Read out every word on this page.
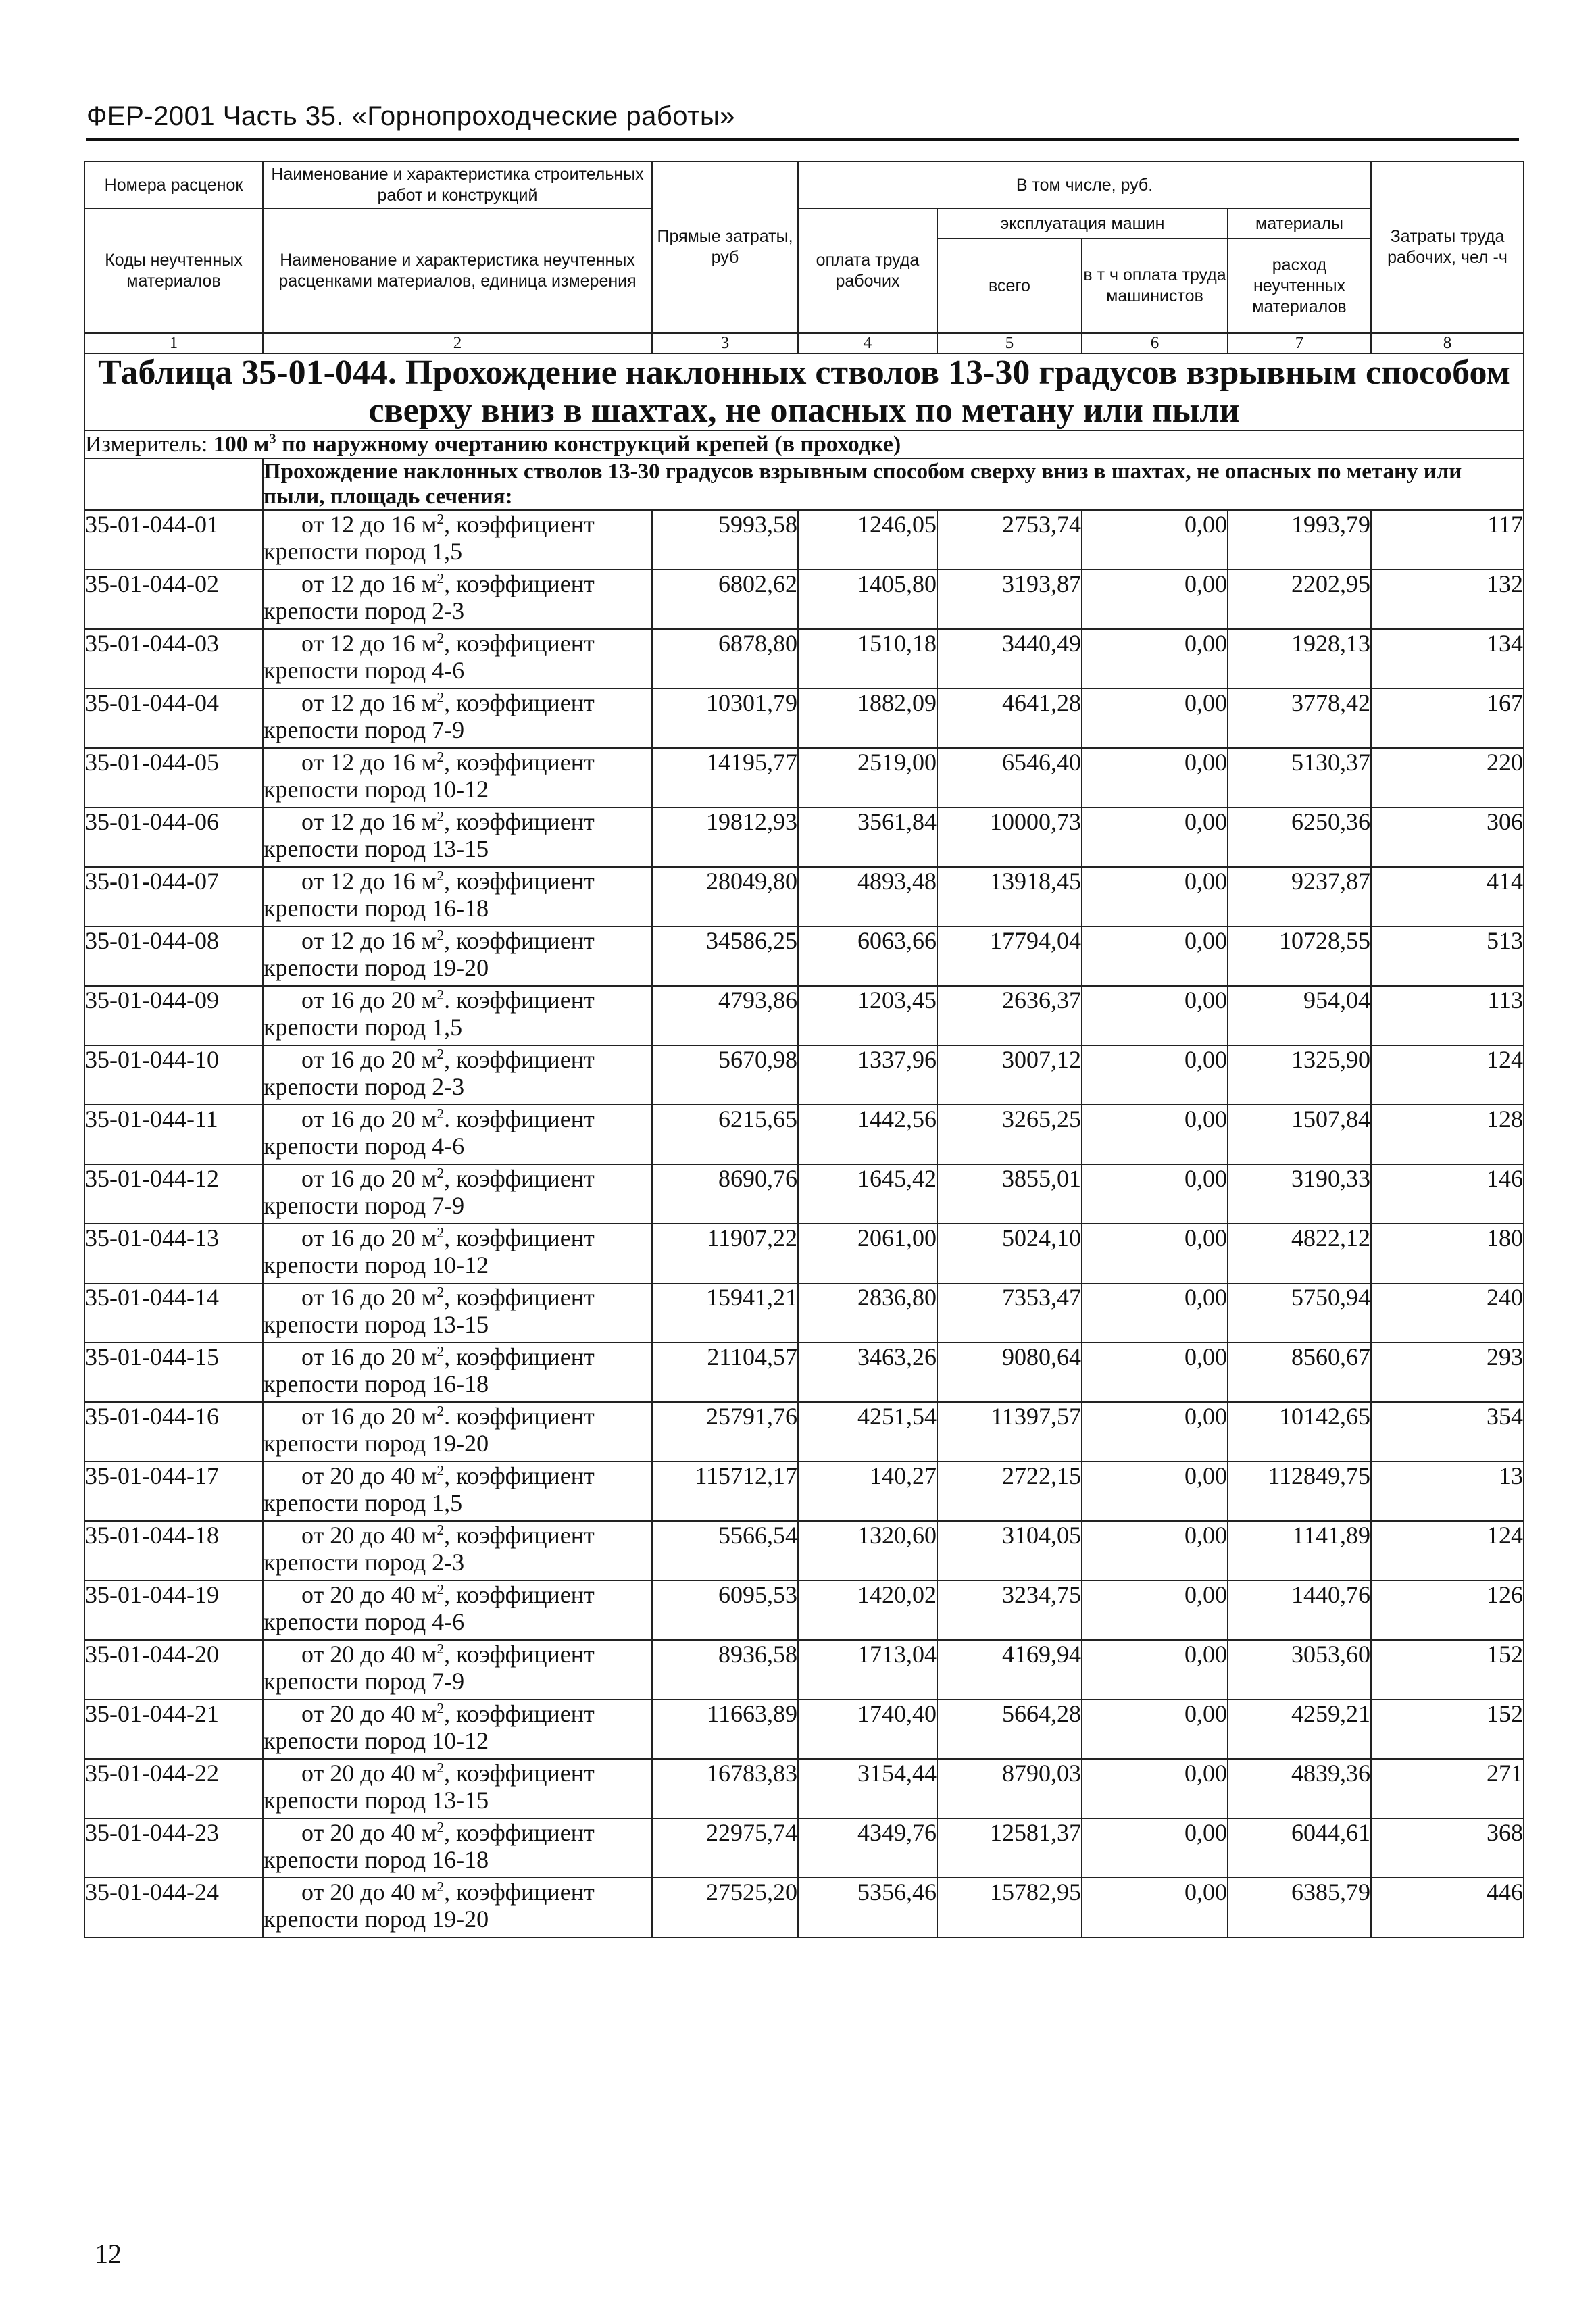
ФЕР-2001 Часть 35. «Горнопроходческие работы»
Номера расценок	Наименование и характеристика строительных работ и конструкций	Прямые затраты, руб	В том числе, руб.				Затраты труда рабочих, чел -ч
Коды неучтенных материалов	Наименование и характеристика неучтенных расценками материалов, единица измерения		оплата труда рабочих	эксплуатация машин		материалы	
				всего	в т ч оплата труда машинистов	расход неучтенных материалов	
1	2	3	4	5	6	7	8
Таблица 35-01-044. Прохождение наклонных стволов 13-30 градусов взрывным способом сверху вниз в шахтах, не опасных по метану или пыли							
Измеритель: 100 $м^3$ по наружному очертанию конструкций крепей (в проходке)							
	Прохождение наклонных стволов 13-30 градусов взрывным способом сверху вниз в шахтах, не опасных по метану или пыли, площадь сечения:						
35-01-044-01	от 12 до 16 $м^2$, коэффициент
крепости пород 1,5	5993,58	1246,05	2753,74	0,00	1993,79	117
35-01-044-02	от 12 до 16 $м^2$, коэффициент
крепости пород 2-3	6802,62	1405,80	3193,87	0,00	2202,95	132
35-01-044-03	от 12 до 16 $м^2$, коэффициент
крепости пород 4-6	6878,80	1510,18	3440,49	0,00	1928,13	134
35-01-044-04	от 12 до 16 $м^2$, коэффициент
крепости пород 7-9	10301,79	1882,09	4641,28	0,00	3778,42	167
35-01-044-05	от 12 до 16 $м^2$, коэффициент
крепости пород 10-12	14195,77	2519,00	6546,40	0,00	5130,37	220
35-01-044-06	от 12 до 16 $м^2$, коэффициент
крепости пород 13-15	19812,93	3561,84	10000,73	0,00	6250,36	306
35-01-044-07	от 12 до 16 $м^2$, коэффициент
крепости пород 16-18	28049,80	4893,48	13918,45	0,00	9237,87	414
35-01-044-08	от 12 до 16 $м^2$, коэффициент
крепости пород 19-20	34586,25	6063,66	17794,04	0,00	10728,55	513
35-01-044-09	от 16 до 20 $м^2$. коэффициент
крепости пород 1,5	4793,86	1203,45	2636,37	0,00	954,04	113
35-01-044-10	от 16 до 20 $м^2$, коэффициент
крепости пород 2-3	5670,98	1337,96	3007,12	0,00	1325,90	124
35-01-044-11	от 16 до 20 $м^2$. коэффициент
крепости пород 4-6	6215,65	1442,56	3265,25	0,00	1507,84	128
35-01-044-12	от 16 до 20 $м^2$, коэффициент
крепости пород 7-9	8690,76	1645,42	3855,01	0,00	3190,33	146
35-01-044-13	от 16 до 20 $м^2$, коэффициент
крепости пород 10-12	11907,22	2061,00	5024,10	0,00	4822,12	180
35-01-044-14	от 16 до 20 $м^2$, коэффициент
крепости пород 13-15	15941,21	2836,80	7353,47	0,00	5750,94	240
35-01-044-15	от 16 до 20 $м^2$, коэффициент
крепости пород 16-18	21104,57	3463,26	9080,64	0,00	8560,67	293
35-01-044-16	от 16 до 20 $м^2$. коэффициент
крепости пород 19-20	25791,76	4251,54	11397,57	0,00	10142,65	354
35-01-044-17	от 20 до 40 $м^2$, коэффициент
крепости пород 1,5	115712,17	140,27	2722,15	0,00	112849,75	13
35-01-044-18	от 20 до 40 $м^2$, коэффициент
крепости пород 2-3	5566,54	1320,60	3104,05	0,00	1141,89	124
35-01-044-19	от 20 до 40 $м^2$, коэффициент
крепости пород 4-6	6095,53	1420,02	3234,75	0,00	1440,76	126
35-01-044-20	от 20 до 40 $м^2$, коэффициент
крепости пород 7-9	8936,58	1713,04	4169,94	0,00	3053,60	152
35-01-044-21	от 20 до 40 $м^2$, коэффициент
крепости пород 10-12	11663,89	1740,40	5664,28	0,00	4259,21	152
35-01-044-22	от 20 до 40 $м^2$, коэффициент
крепости пород 13-15	16783,83	3154,44	8790,03	0,00	4839,36	271
35-01-044-23	от 20 до 40 $м^2$, коэффициент
крепости пород 16-18	22975,74	4349,76	12581,37	0,00	6044,61	368
35-01-044-24	от 20 до 40 $м^2$, коэффициент
крепости пород 19-20	27525,20	5356,46	15782,95	0,00	6385,79	446
12
